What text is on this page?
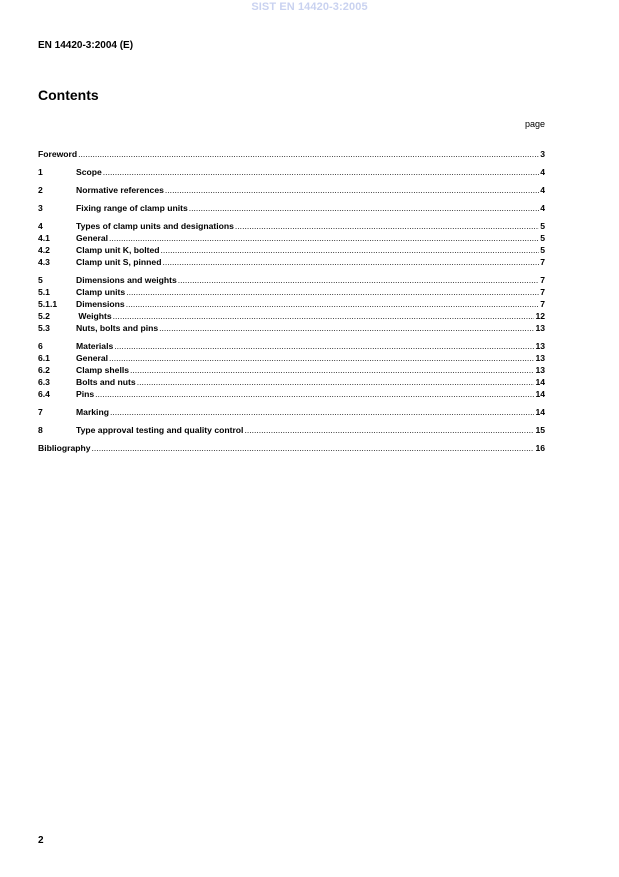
SIST EN 14420-3:2005
EN 14420-3:2004 (E)
Contents
page
Foreword .....	3
1	Scope .....	4
2	Normative references .....	4
3	Fixing range of clamp units .....	4
4	Types of clamp units and designations .....	5
4.1	General .....	5
4.2	Clamp unit K, bolted .....	5
4.3	Clamp unit S, pinned .....	7
5	Dimensions and weights .....	7
5.1	Clamp units .....	7
5.1.1	Dimensions .....	7
5.2	Weights .....	12
5.3	Nuts, bolts and pins .....	13
6	Materials .....	13
6.1	General .....	13
6.2	Clamp shells .....	13
6.3	Bolts and nuts .....	14
6.4	Pins .....	14
7	Marking .....	14
8	Type approval testing and quality control .....	15
Bibliography .....	16
2
